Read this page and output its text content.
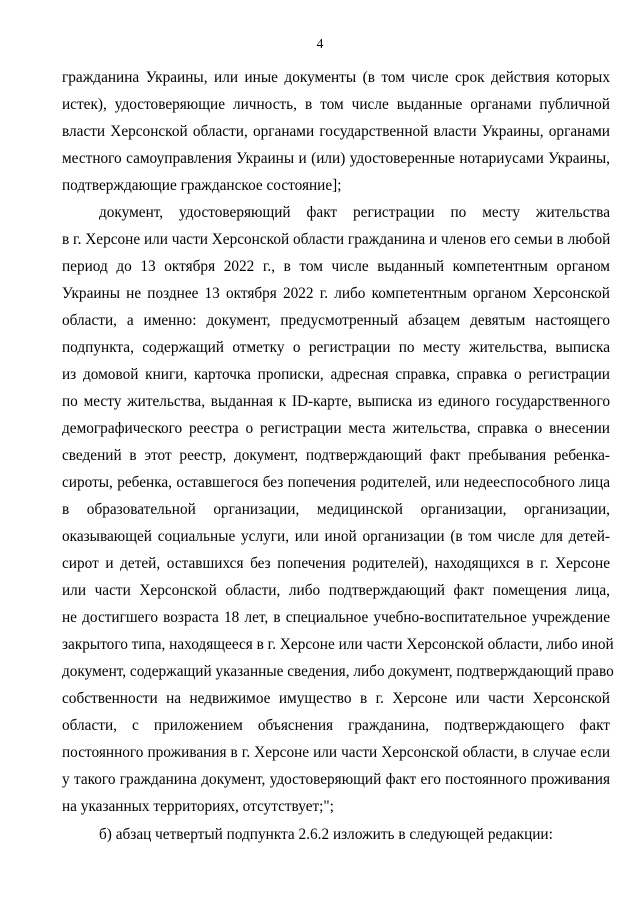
4
гражданина Украины, или иные документы (в том числе срок действия которых
истек), удостоверяющие личность, в том числе выданные органами публичной
власти Херсонской области, органами государственной власти Украины, органами
местного самоуправления Украины и (или) удостоверенные нотариусами Украины,
подтверждающие гражданское состояние];
документ, удостоверяющий факт регистрации по месту жительства
в г. Херсоне или части Херсонской области гражданина и членов его семьи в любой
период до 13 октября 2022 г., в том числе выданный компетентным органом
Украины не позднее 13 октября 2022 г. либо компетентным органом Херсонской
области, а именно: документ, предусмотренный абзацем девятым настоящего
подпункта, содержащий отметку о регистрации по месту жительства, выписка
из домовой книги, карточка прописки, адресная справка, справка о регистрации
по месту жительства, выданная к ID-карте, выписка из единого государственного
демографического реестра о регистрации места жительства, справка о внесении
сведений в этот реестр, документ, подтверждающий факт пребывания ребенка-
сироты, ребенка, оставшегося без попечения родителей, или недееспособного лица
в образовательной организации, медицинской организации, организации,
оказывающей социальные услуги, или иной организации (в том числе для детей-
сирот и детей, оставшихся без попечения родителей), находящихся в г. Херсоне
или части Херсонской области, либо подтверждающий факт помещения лица,
не достигшего возраста 18 лет, в специальное учебно-воспитательное учреждение
закрытого типа, находящееся в г. Херсоне или части Херсонской области, либо иной
документ, содержащий указанные сведения, либо документ, подтверждающий право
собственности на недвижимое имущество в г. Херсоне или части Херсонской
области, с приложением объяснения гражданина, подтверждающего факт
постоянного проживания в г. Херсоне или части Херсонской области, в случае если
у такого гражданина документ, удостоверяющий факт его постоянного проживания
на указанных территориях, отсутствует;";
б) абзац четвертый подпункта 2.6.2 изложить в следующей редакции:
